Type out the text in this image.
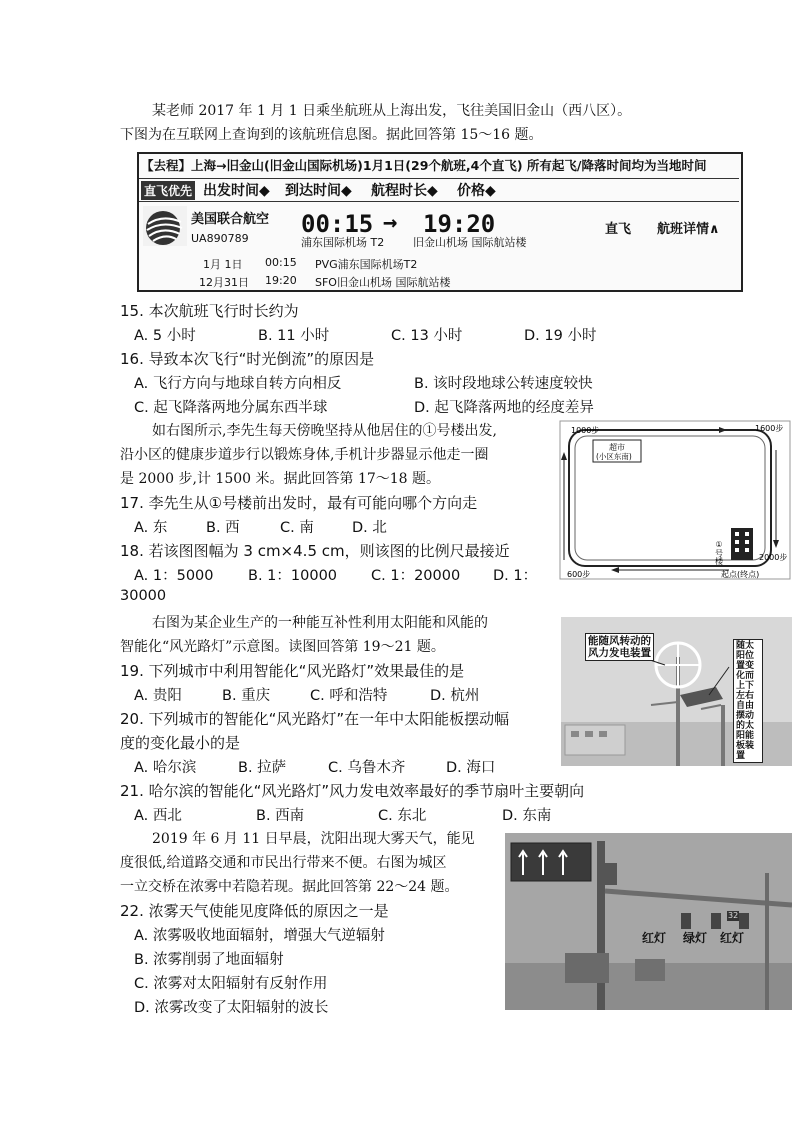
某老师 2017 年 1 月 1 日乘坐航班从上海出发，飞往美国旧金山（西八区）。
下图为在互联网上查询到的该航班信息图。据此回答第 15～16 题。
【去程】上海→旧金山(旧金山国际机场)1月1日(29个航班,4个直飞) 所有起飞/降落时间均为当地时间
直飞优先 出发时间◆ 到达时间◆ 航程时长◆ 价格◆
美国联合航空
UA890789
00:15 → 19:20
浦东国际机场 T2	旧金山机场 国际航站楼
直飞 航班详情∧
1月 1日 00:15 PVG浦东国际机场T2
12月31日 19:20 SFO旧金山机场 国际航站楼
15. 本次航班飞行时长约为
A. 5 小时	B. 11 小时	C. 13 小时	D. 19 小时
16. 导致本次飞行“时光倒流”的原因是
A. 飞行方向与地球自转方向相反	B. 该时段地球公转速度较快
C. 起飞降落两地分属东西半球	D. 起飞降落两地的经度差异
如右图所示,李先生每天傍晚坚持从他居住的①号楼出发,
沿小区的健康步道步行以锻炼身体,手机计步器显示他走一圈
是 2000 步,计 1500 米。据此回答第 17～18 题。
1000步	1600步
600步
2000步
超市
(小区东南)
①号楼
起点(终点)
17. 李先生从①号楼前出发时，最有可能向哪个方向走
A. 东	B. 西	C. 南	D. 北
18. 若该图图幅为 3 cm×4.5 cm，则该图的比例尺最接近
A. 1：5000 B. 1：10000 C. 1：20000 D. 1：
30000
右图为某企业生产的一种能互补性利用太阳能和风能的
智能化“风光路灯”示意图。读图回答第 19～21 题。	能随风转动的
风力发电装置
随太
阳位
置变
化而
上下
左右
自由
摆动
的太
阳能
板装
置
19. 下列城市中利用智能化“风光路灯”效果最佳的是
A. 贵阳	B. 重庆	C. 呼和浩特	D. 杭州
20. 下列城市的智能化“风光路灯”在一年中太阳能板摆动幅
度的变化最小的是
A. 哈尔滨	B. 拉萨	C. 乌鲁木齐	D. 海口
21. 哈尔滨的智能化“风光路灯”风力发电效率最好的季节扇叶主要朝向
A. 西北	B. 西南	C. 东北	D. 东南
2019 年 6 月 11 日早晨，沈阳出现大雾天气，能见
度很低,给道路交通和市民出行带来不便。右图为城区
一立交桥在浓雾中若隐若现。据此回答第 22～24 题。
红灯 绿灯 红灯
32
22. 浓雾天气使能见度降低的原因之一是
A. 浓雾吸收地面辐射，增强大气逆辐射
B. 浓雾削弱了地面辐射
C. 浓雾对太阳辐射有反射作用
D. 浓雾改变了太阳辐射的波长
